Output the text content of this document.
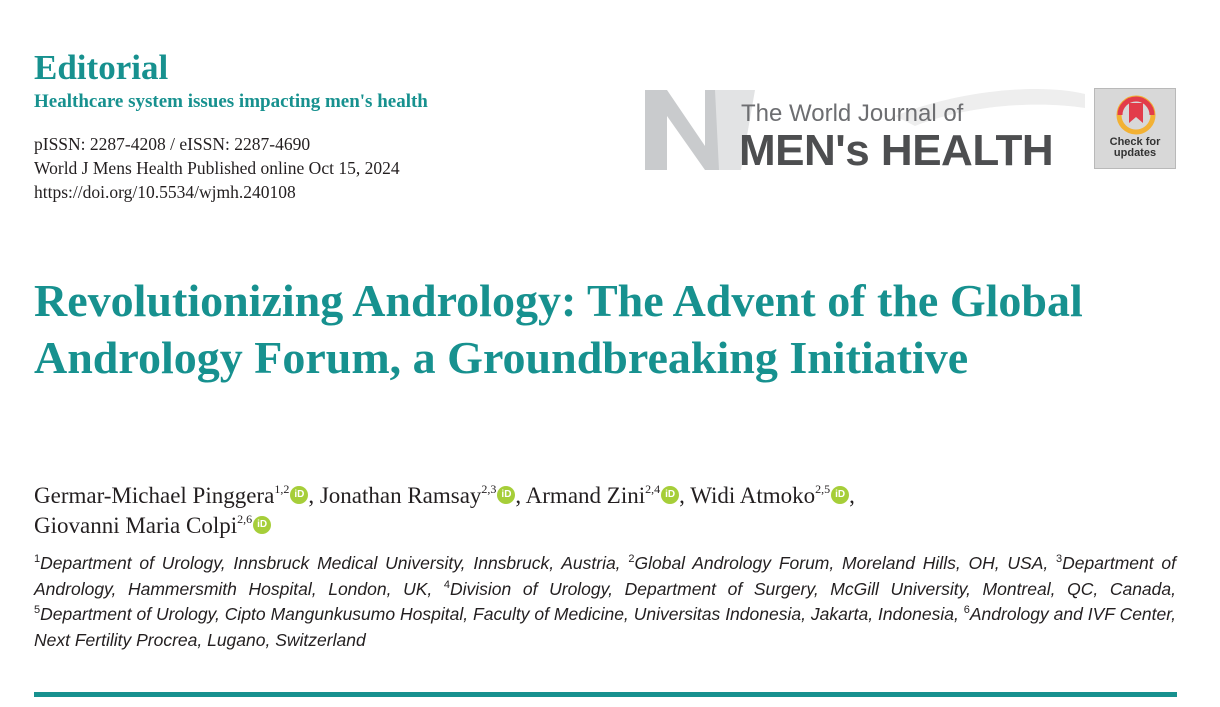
Editorial
Healthcare system issues impacting men's health
pISSN: 2287-4208 / eISSN: 2287-4690
World J Mens Health Published online Oct 15, 2024
https://doi.org/10.5534/wjmh.240108
The World Journal of
MEN's HEALTH	Check for
updates
Revolutionizing Andrology: The Advent of the Global Andrology Forum, a Groundbreaking Initiative
Germar-Michael Pinggera$^{1,2}$ iD , Jonathan Ramsay$^{2,3}$ iD , Armand Zini$^{2,4}$ iD , Widi Atmoko$^{2,5}$ iD ,
Giovanni Maria Colpi$^{2,6}$ iD
$^1$Department of Urology, Innsbruck Medical University, Innsbruck, Austria, $^2$Global Andrology Forum, Moreland Hills, OH, USA, $^3$Department of Andrology, Hammersmith Hospital, London, UK, $^4$Division of Urology, Department of Surgery, McGill University, Montreal, QC, Canada, $^5$Department of Urology, Cipto Mangunkusumo Hospital, Faculty of Medicine, Universitas Indonesia, Jakarta, Indonesia, $^6$Andrology and IVF Center, Next Fertility Procrea, Lugano, Switzerland
